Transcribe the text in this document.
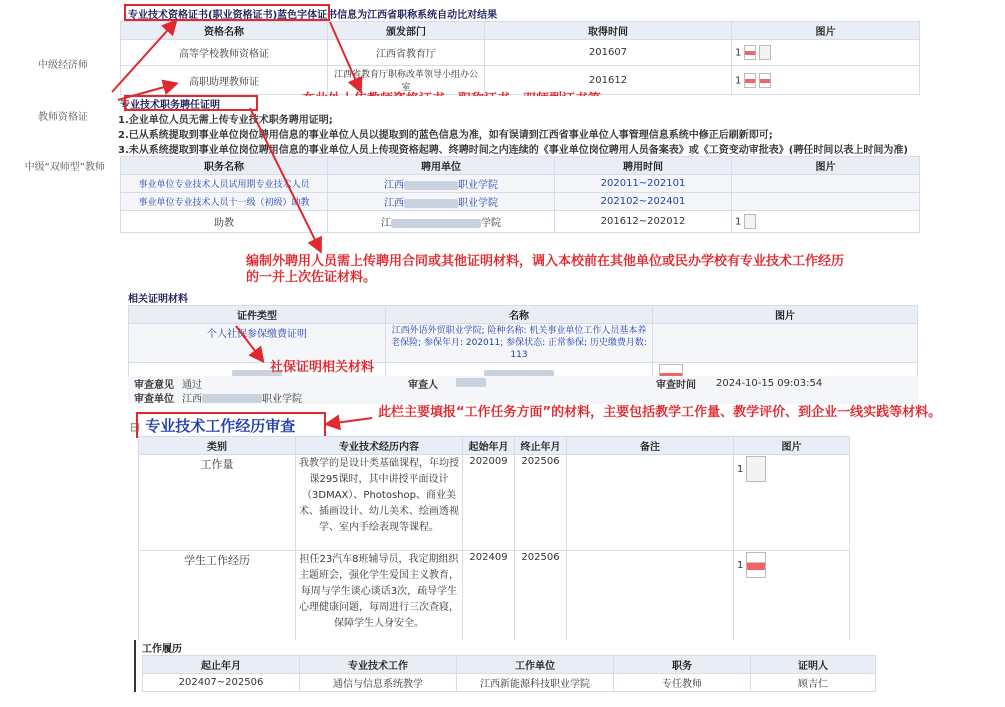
中级经济师
教师资格证
中级“双师型”教师
专业技术资格证书(职业资格证书)蓝色字体证书信息为江西省职称系统自动比对结果
资格名称	颁发部门	取得时间	图片
高等学校教师资格证	江西省教育厅	201607	1
高职助理教师证	江西省教育厅职称改革领导小组办公室	201612	1
专业技术职务聘任证明
1.企业单位人员无需上传专业技术职务聘用证明;
2.已从系统提取到事业单位岗位聘用信息的事业单位人员以提取到的蓝色信息为准，如有误请到江西省事业单位人事管理信息系统中修正后刷新即可;
3.未从系统提取到事业单位岗位聘用信息的事业单位人员上传现资格起聘、终聘时间之内连续的《事业单位岗位聘用人员备案表》或《工资变动审批表》(聘任时间以表上时间为准)
职务名称	聘用单位	聘用时间	图片
事业单位专业技术人员试用期专业技术人员	江西 职业学院	202011~202101	
事业单位专业技术人员十一级（初级）助教	江西 职业学院	202102~202401	
助教	江 学院	201612~202012	1
编制外聘用人员需上传聘用合同或其他证明材料，调入本校前在其他单位或民办学校有专业技术工作经历的一并上次佐证材料。
相关证明材料
证件类型	名称	图片
个人社保参保缴费证明	江西外语外贸职业学院; 险种名称: 机关事业单位工作人员基本养老保险; 参保年月: 202011; 参保状态: 正常参保; 历史缴费月数: 113	

社保证明相关材料
审查意见 通过	审查人	审查时间	2024-10-15 09:03:54
审查单位 江西	职业学院
⊟ 专业技术工作经历审查
此栏主要填报“工作任务方面”的材料，主要包括教学工作量、教学评价、到企业一线实践等材料。
类别	专业技术经历内容	起始年月	终止年月	备注	图片
工作量	我教学的是设计类基础课程，年均授课295课时，其中讲授平面设计（3DMAX）、Photoshop、商业美术、插画设计、幼儿美术、绘画透视学、室内手绘表现等课程。	202009	202506		1
学生工作经历	担任23汽车8班辅导员，我定期组织主题班会，强化学生爱国主义教育，每周与学生谈心谈话3次，疏导学生心理健康问题，每周进行三次查寝，保障学生人身安全。	202409	202506		1
工作履历
起止年月	专业技术工作	工作单位	职务	证明人
202407~202506	通信与信息系统教学	江西新能源科技职业学院	专任教师	顾吉仁
